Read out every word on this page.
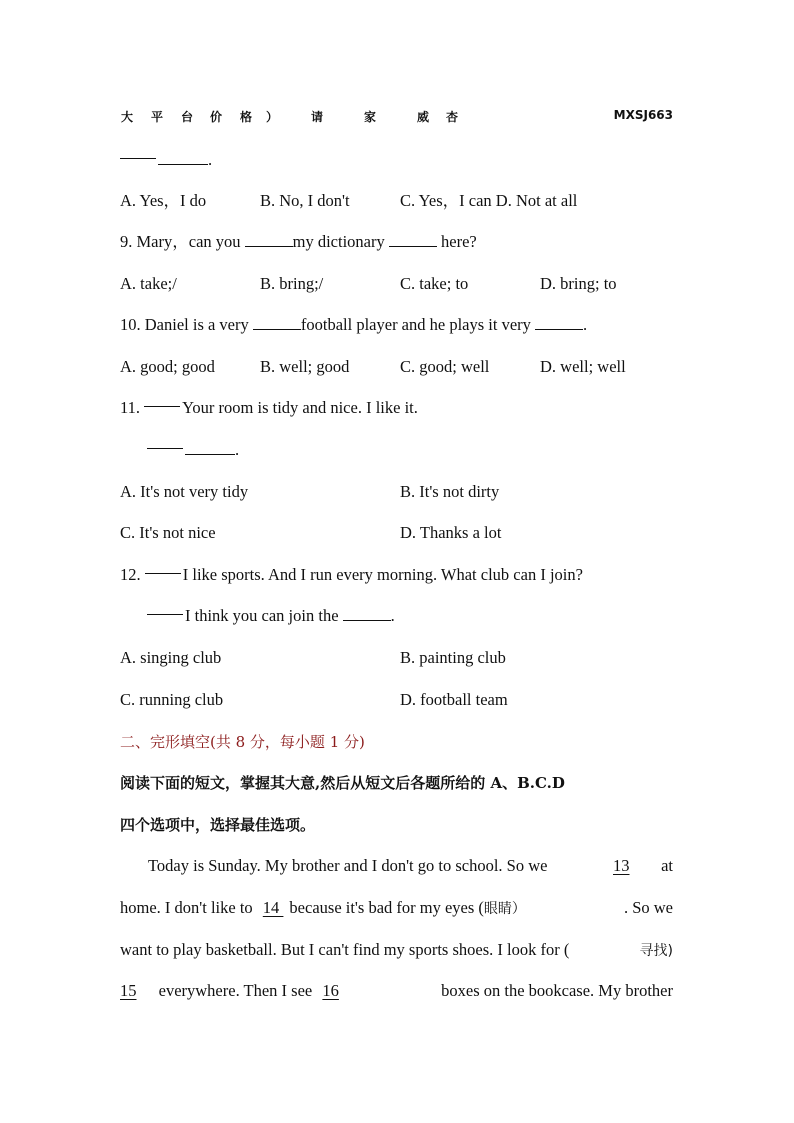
大 平 台 价 格 ）	请	家	威 杏	MXSJ663
.
A. Yes，I do	B. No, I don't	C. Yes，I can D. Not at all
9. Mary，can you	my dictionary	here?
A. take;/	B. bring;/	C. take; to	D. bring; to
10. Daniel is a very	football player and he plays it very	.
A. good; good	B. well; good	C. good; well	D. well; well
11.	Your room is tidy and nice. I like it.
.
A. It's not very tidy	B. It's not dirty
C. It's not nice	D. Thanks a lot
12.	I like sports. And I run every morning. What club can I join?
I think you can join the	.
A. singing club	B. painting club
C. running club	D. football team
二、完形填空(共 8 分，每小题 1 分)
阅读下面的短文，掌握其大意,然后从短文后各题所给的 A、B.C.D
四个选项中，选择最佳选项。
Today is Sunday. My brother and I don't go to school. So we	13 at
home. I don't like to 14 because it's bad for my eyes (眼睛）	. So we
want to play basketball. But I can't find my sports shoes. I look for (	寻找)
15 everywhere. Then I see 16	boxes on the bookcase. My brother
